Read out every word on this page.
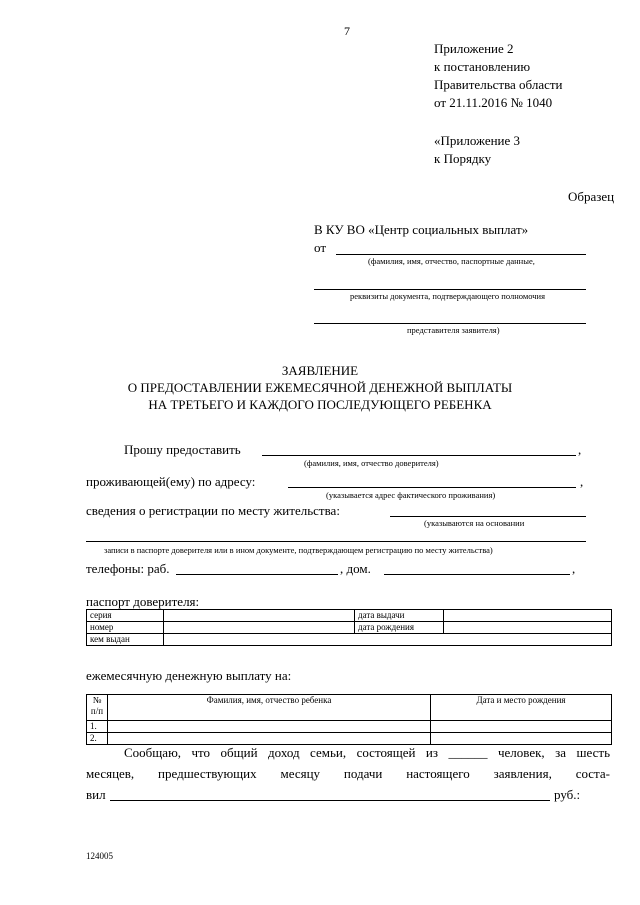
7
Приложение 2
к постановлению
Правительства области
от 21.11.2016 № 1040
«Приложение 3
к Порядку
Образец
В КУ ВО «Центр социальных выплат»
от
(фамилия, имя, отчество, паспортные данные,
реквизиты документа, подтверждающего полномочия
представителя заявителя)
ЗАЯВЛЕНИЕ
О ПРЕДОСТАВЛЕНИИ ЕЖЕМЕСЯЧНОЙ ДЕНЕЖНОЙ ВЫПЛАТЫ
НА ТРЕТЬЕГО И КАЖДОГО ПОСЛЕДУЮЩЕГО РЕБЕНКА
Прошу предоставить	,
(фамилия, имя, отчество доверителя)
проживающей(ему) по адресу:	,
(указывается адрес фактического проживания)
сведения о регистрации по месту жительства:
(указываются на основании
записи в паспорте доверителя или в ином документе, подтверждающем регистрацию по месту жительства)
телефоны: раб.	, дом.	,
паспорт доверителя:
серия		дата выдачи	
номер		дата рождения	
кем выдан			
ежемесячную денежную выплату на:
№
п/п	Фамилия, имя, отчество ребенка	Дата и место рождения
1.		
2.		
Сообщаю, что общий доход семьи, состоящей из ______ человек, за шесть
месяцев, предшествующих месяцу подачи настоящего заявления, соста-
вил	руб.:
124005
